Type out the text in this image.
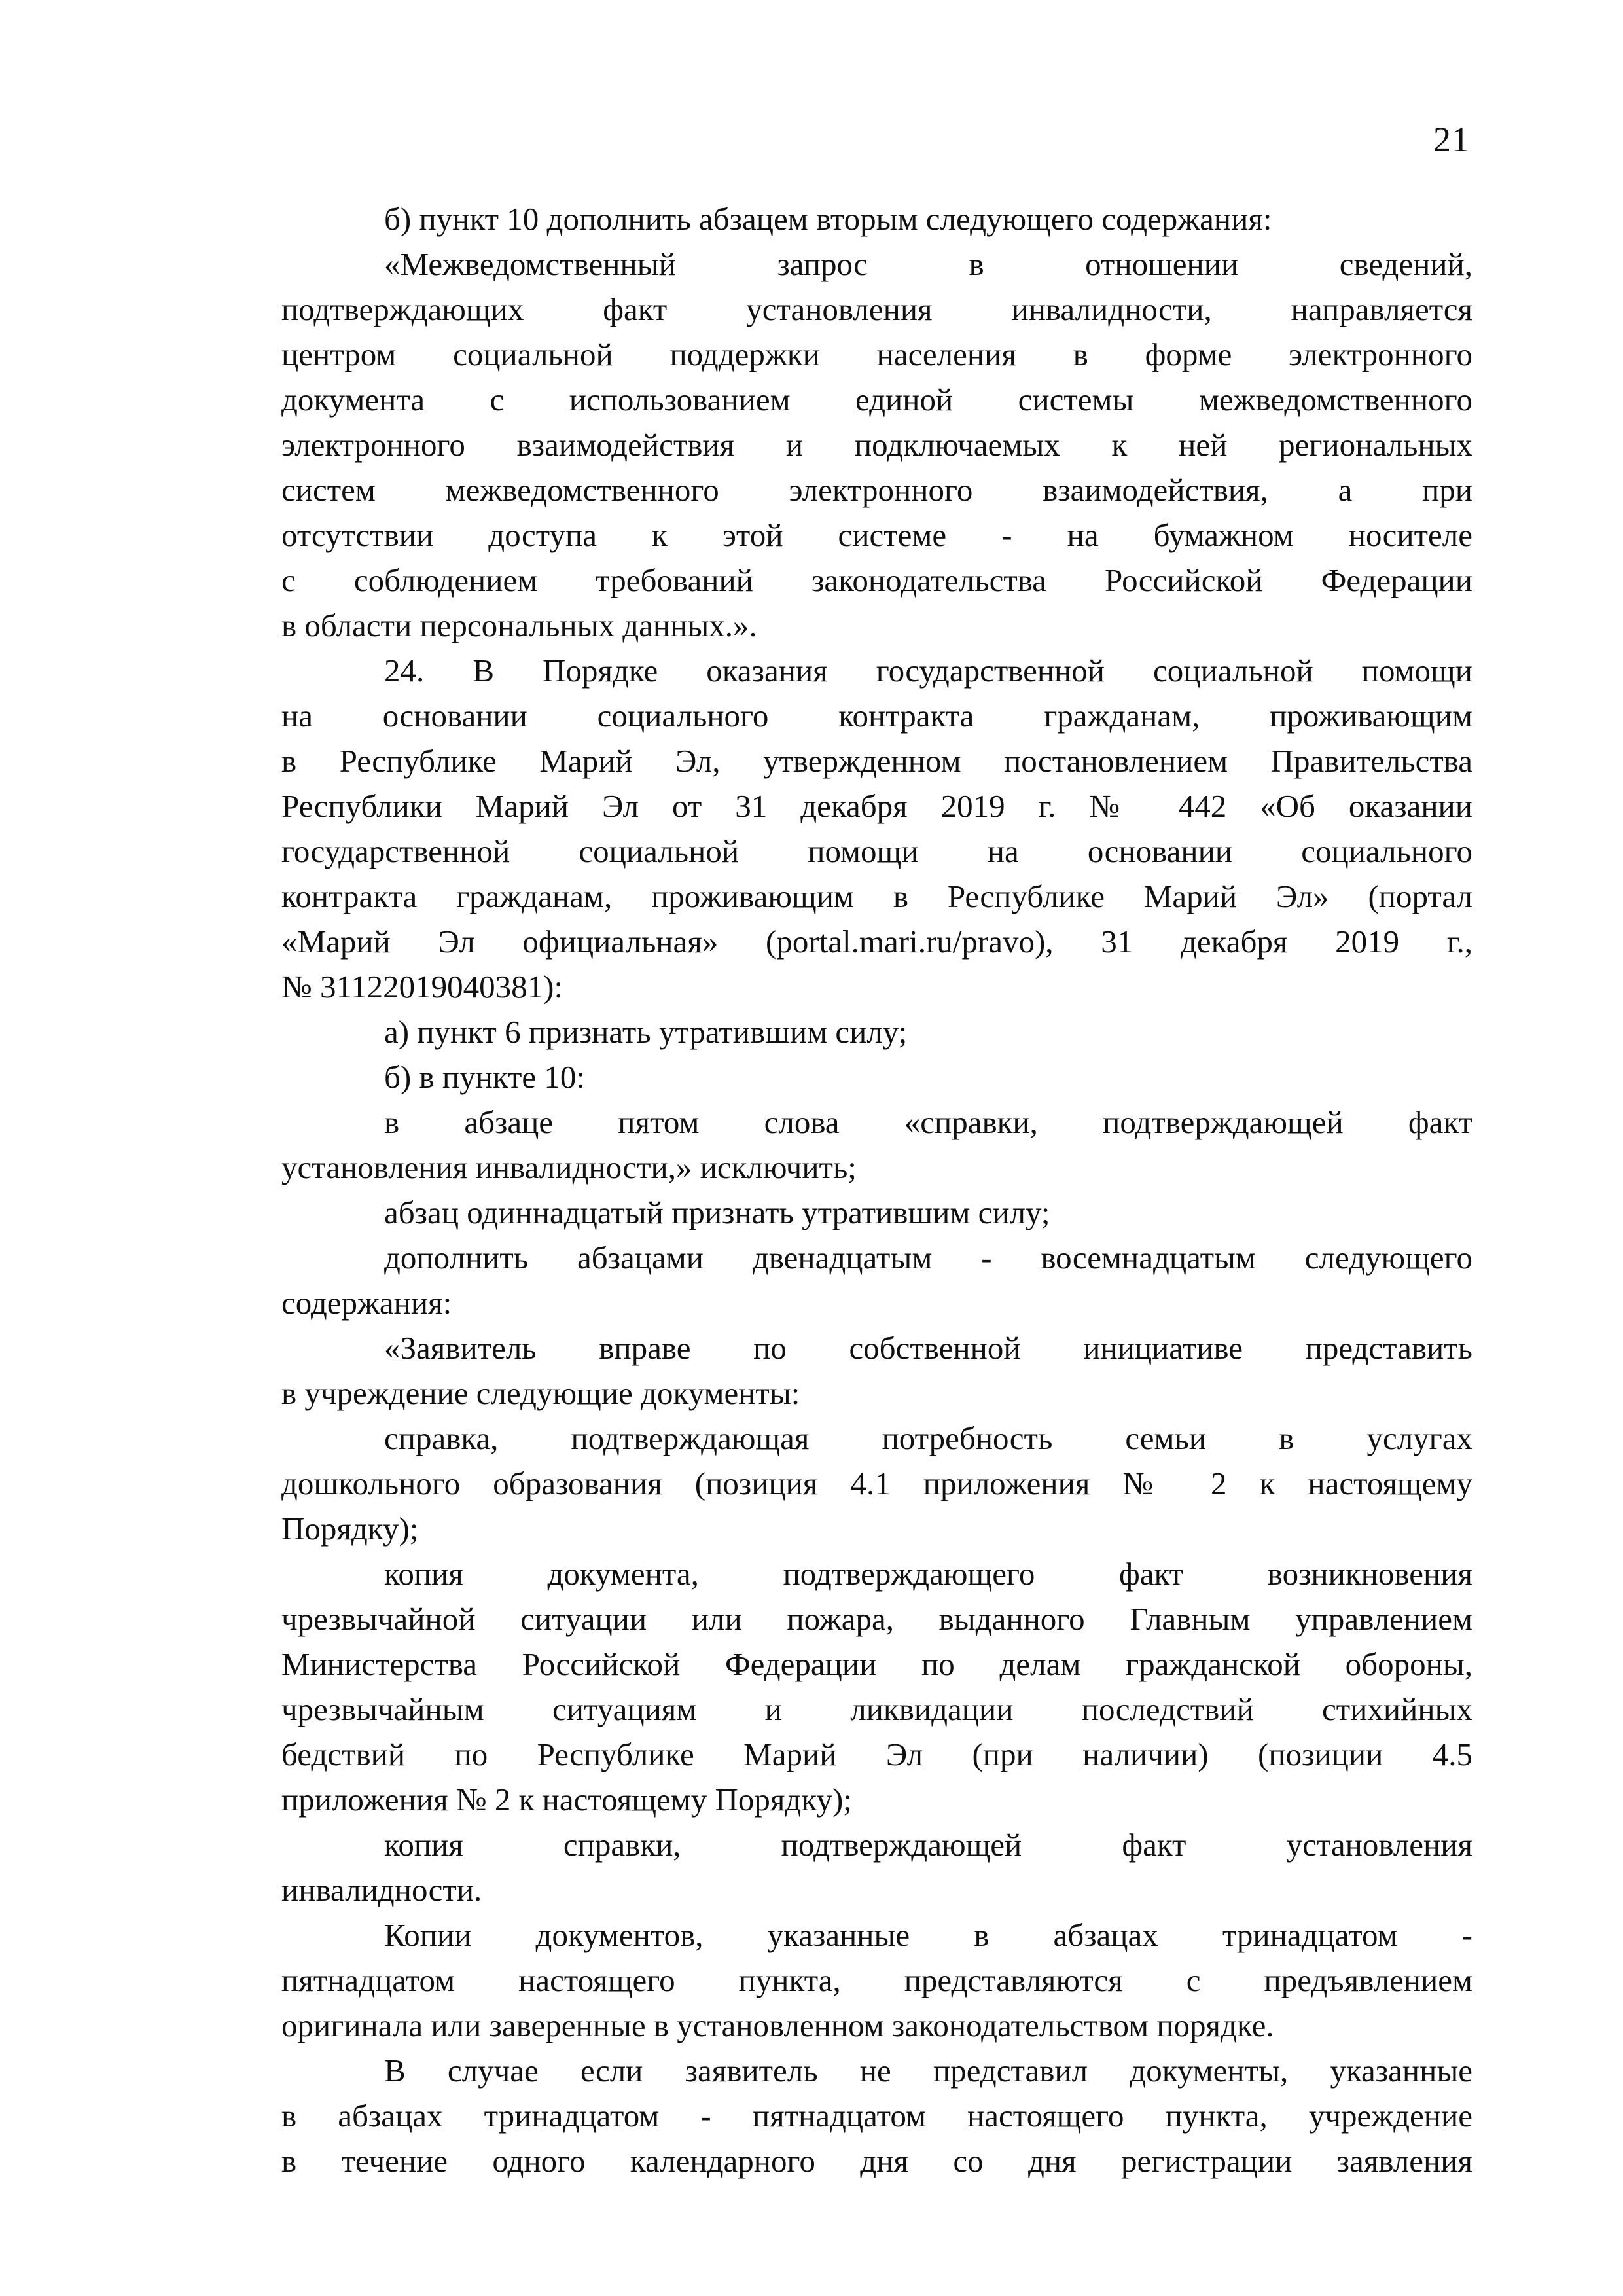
21
б) пункт 10 дополнить абзацем вторым следующего содержания:
«Межведомственный запрос в отношении сведений,
подтверждающих факт установления инвалидности, направляется
центром социальной поддержки населения в форме электронного
документа с использованием единой системы межведомственного
электронного взаимодействия и подключаемых к ней региональных
систем межведомственного электронного взаимодействия, а при
отсутствии доступа к этой системе - на бумажном носителе
с соблюдением требований законодательства Российской Федерации
в области персональных данных.».
24. В Порядке оказания государственной социальной помощи
на основании социального контракта гражданам, проживающим
в Республике Марий Эл, утвержденном постановлением Правительства
Республики Марий Эл от 31 декабря 2019 г. № 442 «Об оказании
государственной социальной помощи на основании социального
контракта гражданам, проживающим в Республике Марий Эл» (портал
«Марий Эл официальная» (portal.mari.ru/pravo), 31 декабря 2019 г.,
№ 31122019040381):
а) пункт 6 признать утратившим силу;
б) в пункте 10:
в абзаце пятом слова «справки, подтверждающей факт
установления инвалидности,» исключить;
абзац одиннадцатый признать утратившим силу;
дополнить абзацами двенадцатым - восемнадцатым следующего
содержания:
«Заявитель вправе по собственной инициативе представить
в учреждение следующие документы:
справка, подтверждающая потребность семьи в услугах
дошкольного образования (позиция 4.1 приложения № 2 к настоящему
Порядку);
копия документа, подтверждающего факт возникновения
чрезвычайной ситуации или пожара, выданного Главным управлением
Министерства Российской Федерации по делам гражданской обороны,
чрезвычайным ситуациям и ликвидации последствий стихийных
бедствий по Республике Марий Эл (при наличии) (позиции 4.5
приложения № 2 к настоящему Порядку);
копия справки, подтверждающей факт установления
инвалидности.
Копии документов, указанные в абзацах тринадцатом -
пятнадцатом настоящего пункта, представляются с предъявлением
оригинала или заверенные в установленном законодательством порядке.
В случае если заявитель не представил документы, указанные
в абзацах тринадцатом - пятнадцатом настоящего пункта, учреждение
в течение одного календарного дня со дня регистрации заявления
